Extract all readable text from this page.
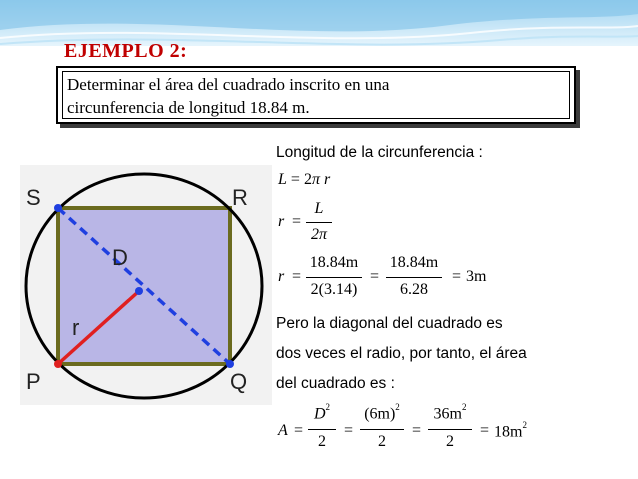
EJEMPLO 2:
Determinar el área del cuadrado inscrito en una
circunferencia de longitud 18.84 m.
S	R
P	Q
D
r
Longitud de la circunferencia :
L = 2π r
r =
L
2π
r =
18.84m
2(3.14)
=
18.84m
6.28
= 3m
Pero la diagonal del cuadrado es
dos veces el radio, por tanto, el área
del cuadrado es :
A =
$D^2$
2
=
$(6m)^2$
2
=
$36m^2$
2
= $18m^2$
